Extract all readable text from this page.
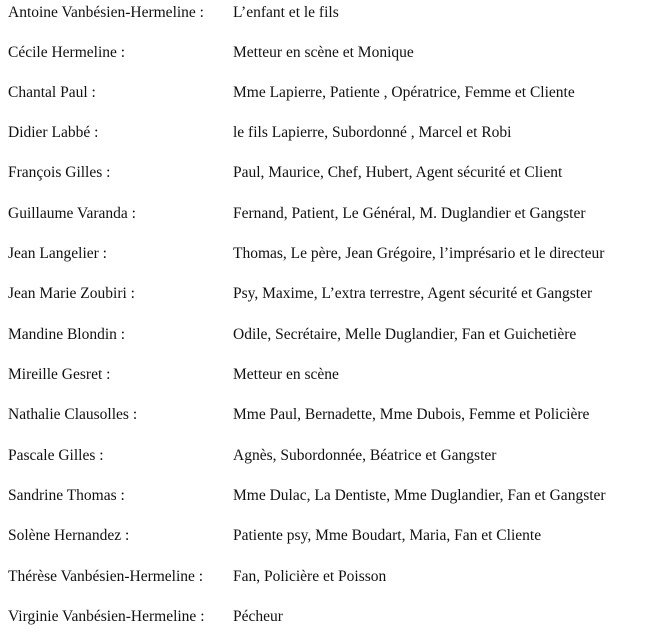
Antoine Vanbésien-Hermeline : L’enfant et le fils
Cécile Hermeline :	Metteur en scène et Monique
Chantal Paul :	Mme Lapierre, Patiente , Opératrice, Femme et Cliente
Didier Labbé :	le fils Lapierre, Subordonné , Marcel et Robi
François Gilles :	Paul, Maurice, Chef, Hubert, Agent sécurité et Client
Guillaume Varanda :	Fernand, Patient, Le Général, M. Duglandier et Gangster
Jean Langelier :	Thomas, Le père, Jean Grégoire, l’imprésario et le directeur
Jean Marie Zoubiri :	Psy, Maxime, L’extra terrestre, Agent sécurité et Gangster
Mandine Blondin :	Odile, Secrétaire, Melle Duglandier, Fan et Guichetière
Mireille Gesret :	Metteur en scène
Nathalie Clausolles :	Mme Paul, Bernadette, Mme Dubois, Femme et Policière
Pascale Gilles :	Agnès, Subordonnée, Béatrice et Gangster
Sandrine Thomas :	Mme Dulac, La Dentiste, Mme Duglandier, Fan et Gangster
Solène Hernandez :	Patiente psy, Mme Boudart, Maria, Fan et Cliente
Thérèse Vanbésien-Hermeline : Fan, Policière et Poisson
Virginie Vanbésien-Hermeline : Pécheur
